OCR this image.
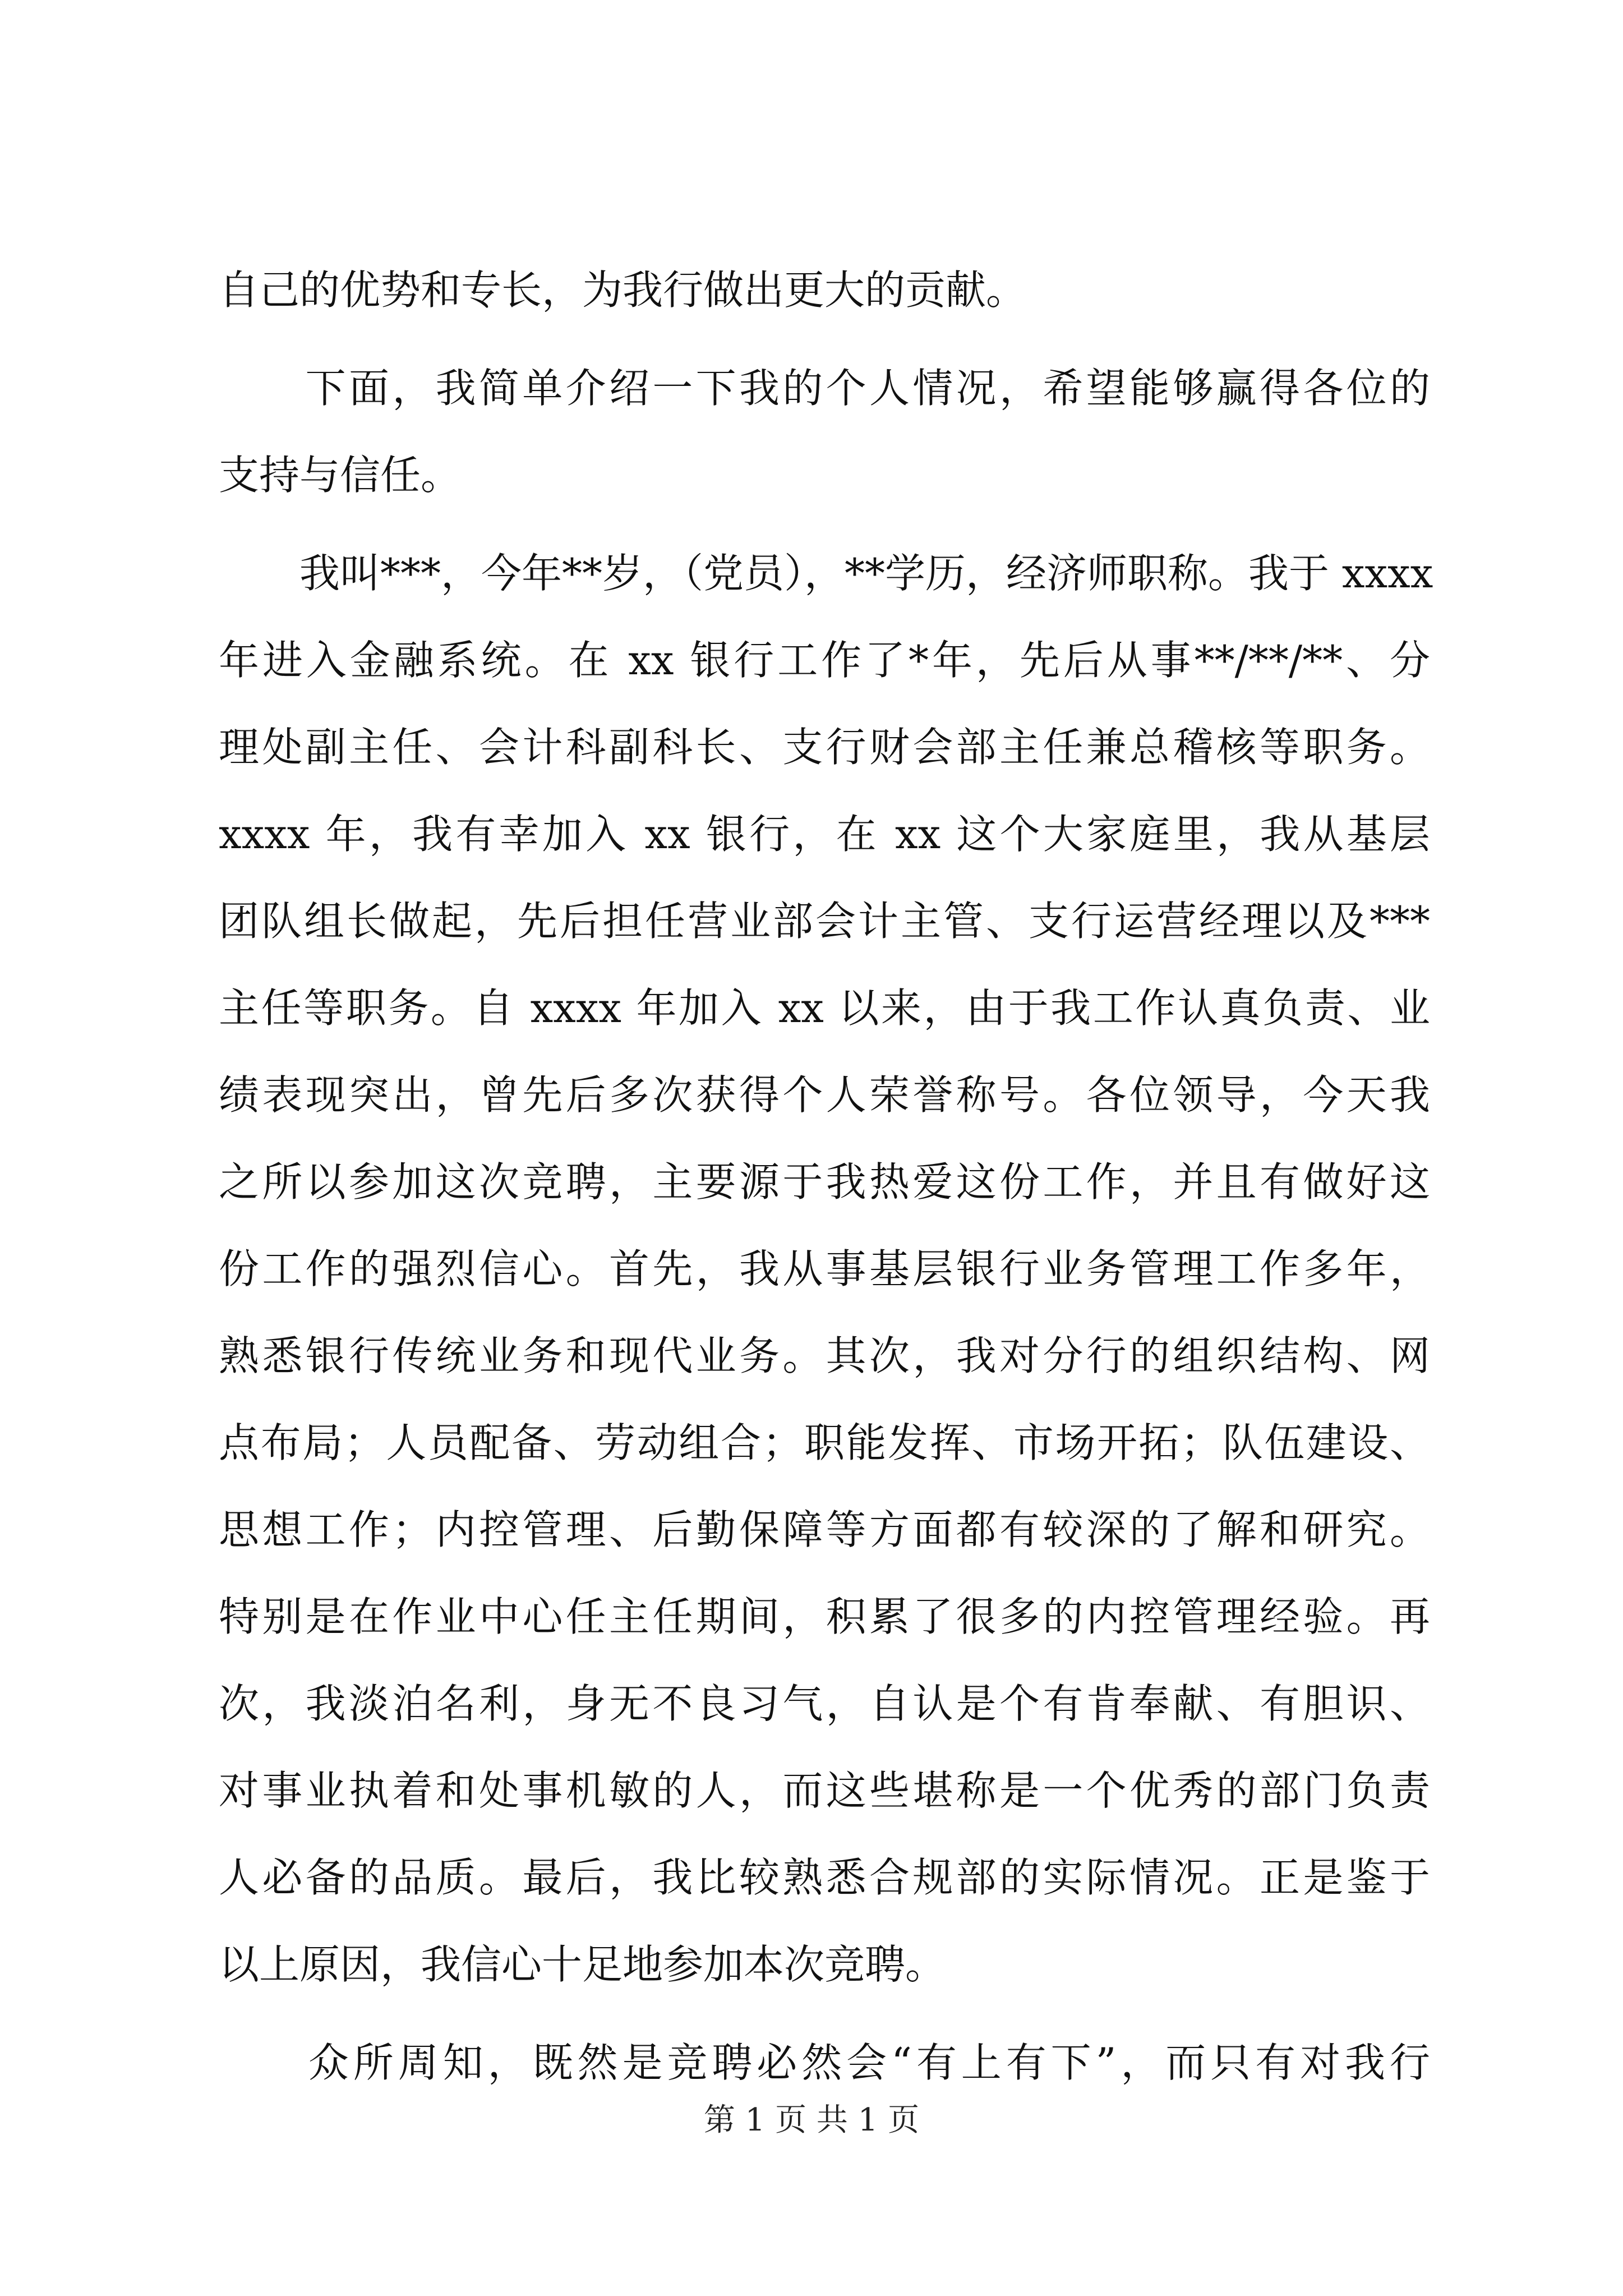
自己的优势和专长，为我行做出更大的贡献。
　　下面，我简单介绍一下我的个人情况，希望能够赢得各位的
支持与信任。
　　我叫***，今年**岁，（党员），**学历，经济师职称。我于 xxxx
年进入金融系统。在 xx 银行工作了*年，先后从事**/**/**、分
理处副主任、会计科副科长、支行财会部主任兼总稽核等职务。
xxxx 年，我有幸加入 xx 银行，在 xx 这个大家庭里，我从基层
团队组长做起，先后担任营业部会计主管、支行运营经理以及***
主任等职务。自 xxxx 年加入 xx 以来，由于我工作认真负责、业
绩表现突出，曾先后多次获得个人荣誉称号。各位领导，今天我
之所以参加这次竞聘，主要源于我热爱这份工作，并且有做好这
份工作的强烈信心。首先，我从事基层银行业务管理工作多年，
熟悉银行传统业务和现代业务。其次，我对分行的组织结构、网
点布局；人员配备、劳动组合；职能发挥、市场开拓；队伍建设、
思想工作；内控管理、后勤保障等方面都有较深的了解和研究。
特别是在作业中心任主任期间，积累了很多的内控管理经验。再
次，我淡泊名利，身无不良习气，自认是个有肯奉献、有胆识、
对事业执着和处事机敏的人，而这些堪称是一个优秀的部门负责
人必备的品质。最后，我比较熟悉合规部的实际情况。正是鉴于
以上原因，我信心十足地参加本次竞聘。
　　众所周知，既然是竞聘必然会“有上有下”，而只有对我行
第 1 页 共 1 页
